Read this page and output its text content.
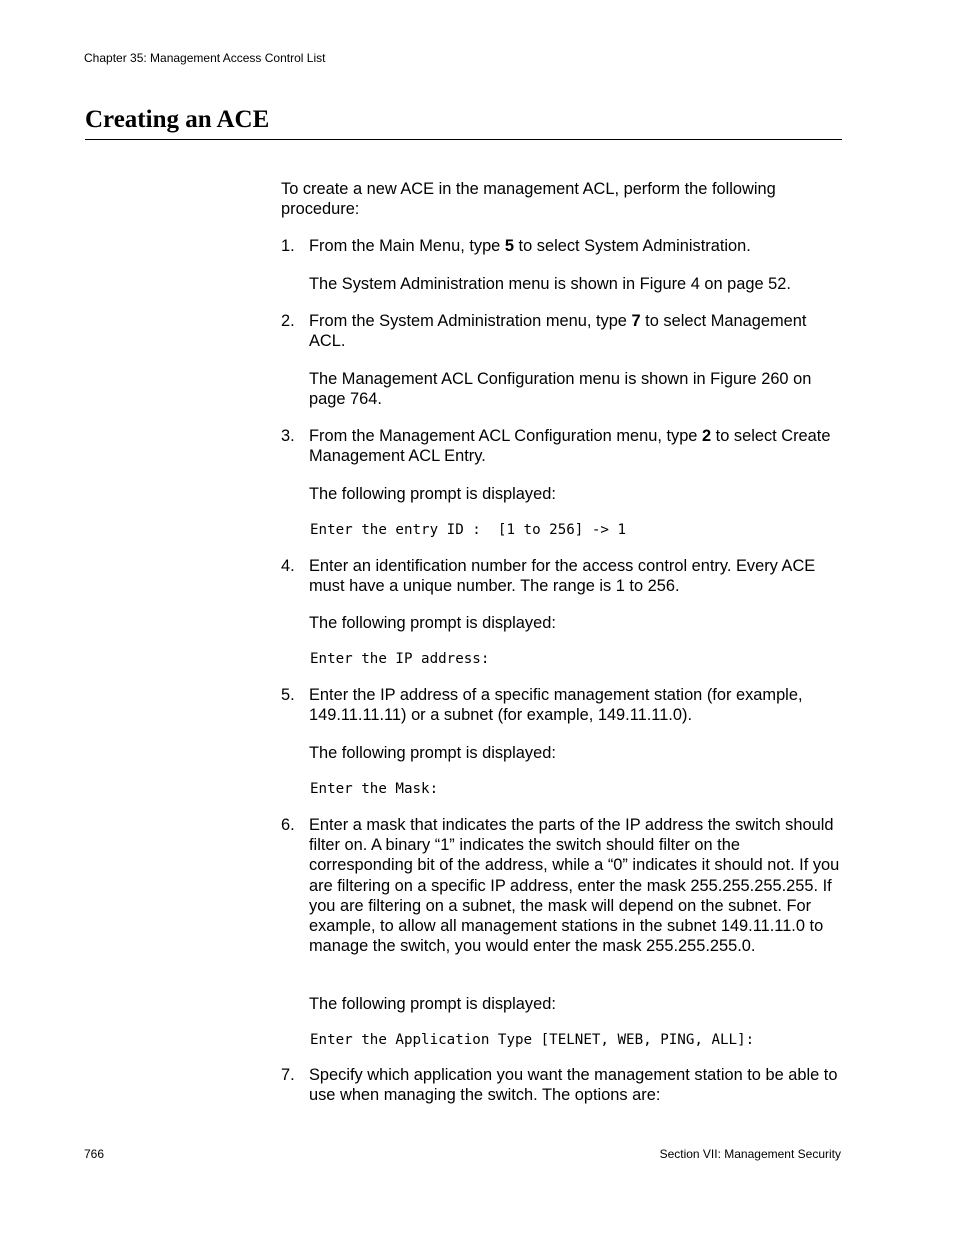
Chapter 35: Management Access Control List
Creating an ACE

To create a new ACE in the management ACL, perform the following procedure:

1. From the Main Menu, type 5 to select System Administration.

The System Administration menu is shown in Figure 4 on page 52.

2. From the System Administration menu, type 7 to select Management ACL.

The Management ACL Configuration menu is shown in Figure 260 on page 764.

3. From the Management ACL Configuration menu, type 2 to select Create Management ACL Entry.

The following prompt is displayed:

Enter the entry ID :  [1 to 256] -> 1
4. Enter an identification number for the access control entry. Every ACE must have a unique number. The range is 1 to 256.

The following prompt is displayed:

Enter the IP address:
5. Enter the IP address of a specific management station (for example, 149.11.11.11) or a subnet (for example, 149.11.11.0).

The following prompt is displayed:

Enter the Mask:
6. Enter a mask that indicates the parts of the IP address the switch should filter on. A binary “1” indicates the switch should filter on the corresponding bit of the address, while a “0” indicates it should not. If you are filtering on a specific IP address, enter the mask 255.255.255.255. If you are filtering on a subnet, the mask will depend on the subnet. For example, to allow all management stations in the subnet 149.11.11.0 to manage the switch, you would enter the mask 255.255.255.0.

The following prompt is displayed:

Enter the Application Type [TELNET, WEB, PING, ALL]:
7. Specify which application you want the management station to be able to use when managing the switch. The options are:

766	Section VII: Management Security
